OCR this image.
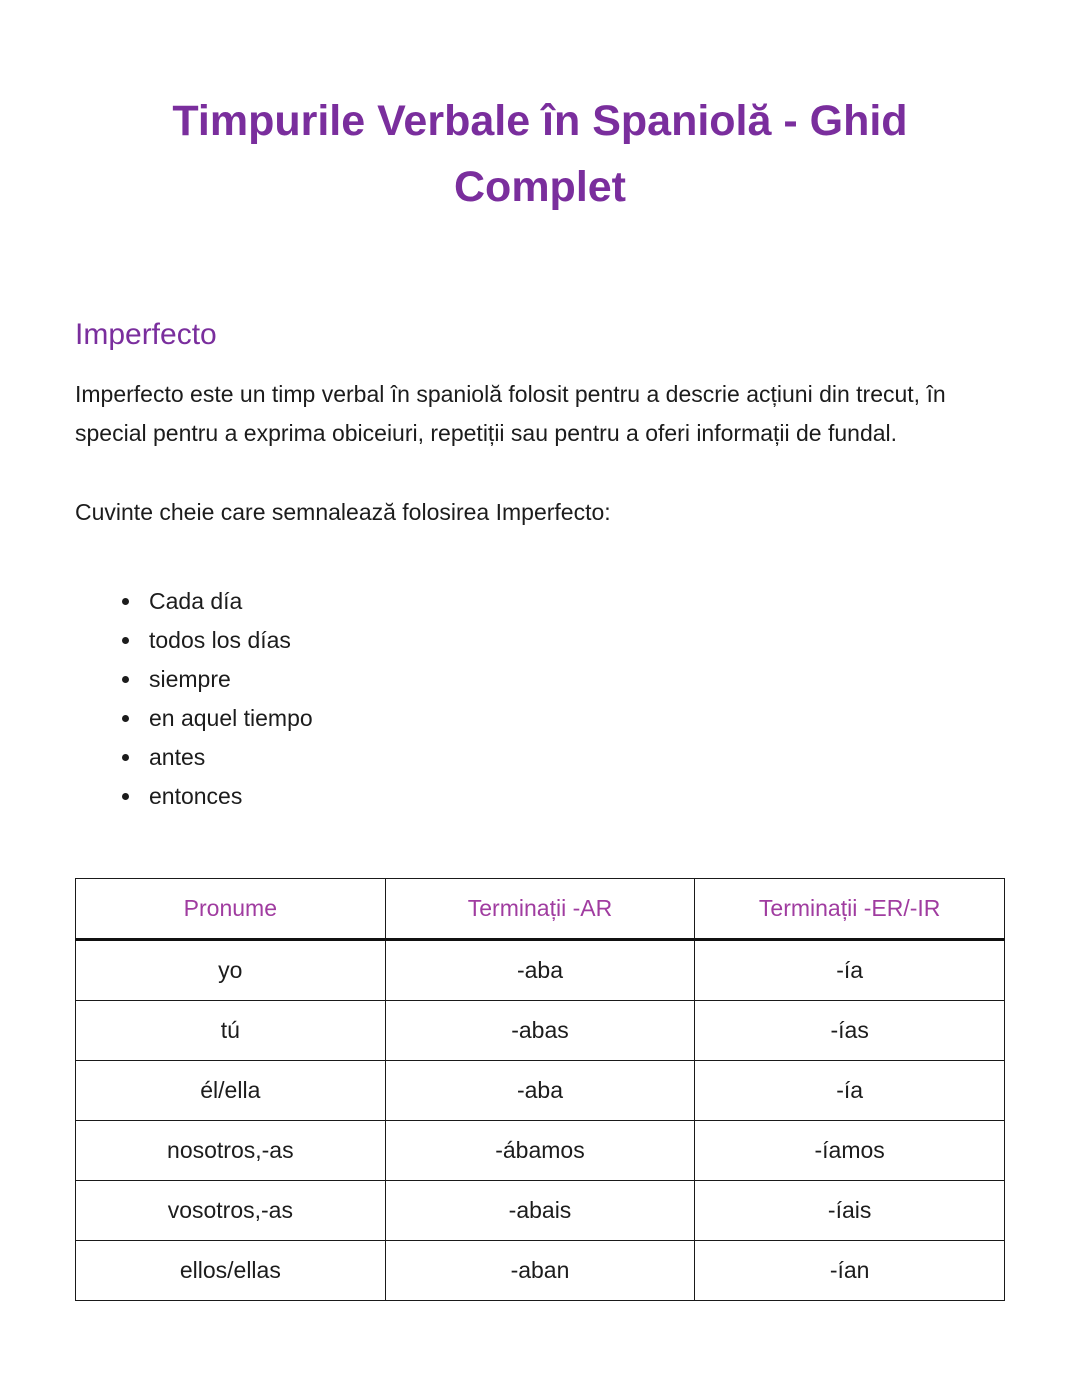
Timpurile Verbale în Spaniolă - Ghid
Complet
Imperfecto

Imperfecto este un timp verbal în spaniolă folosit pentru a descrie acțiuni din trecut, în special pentru a exprima obiceiuri, repetiții sau pentru a oferi informații de fundal.

Cuvinte cheie care semnalează folosirea Imperfecto:

• Cada día
• todos los días
• siempre
• en aquel tiempo
• antes
• entonces
Pronume	Terminații -AR	Terminații -ER/-IR
yo	-aba	-ía
tú	-abas	-ías
él/ella	-aba	-ía
nosotros,-as	-ábamos	-íamos
vosotros,-as	-abais	-íais
ellos/ellas	-aban	-ían
